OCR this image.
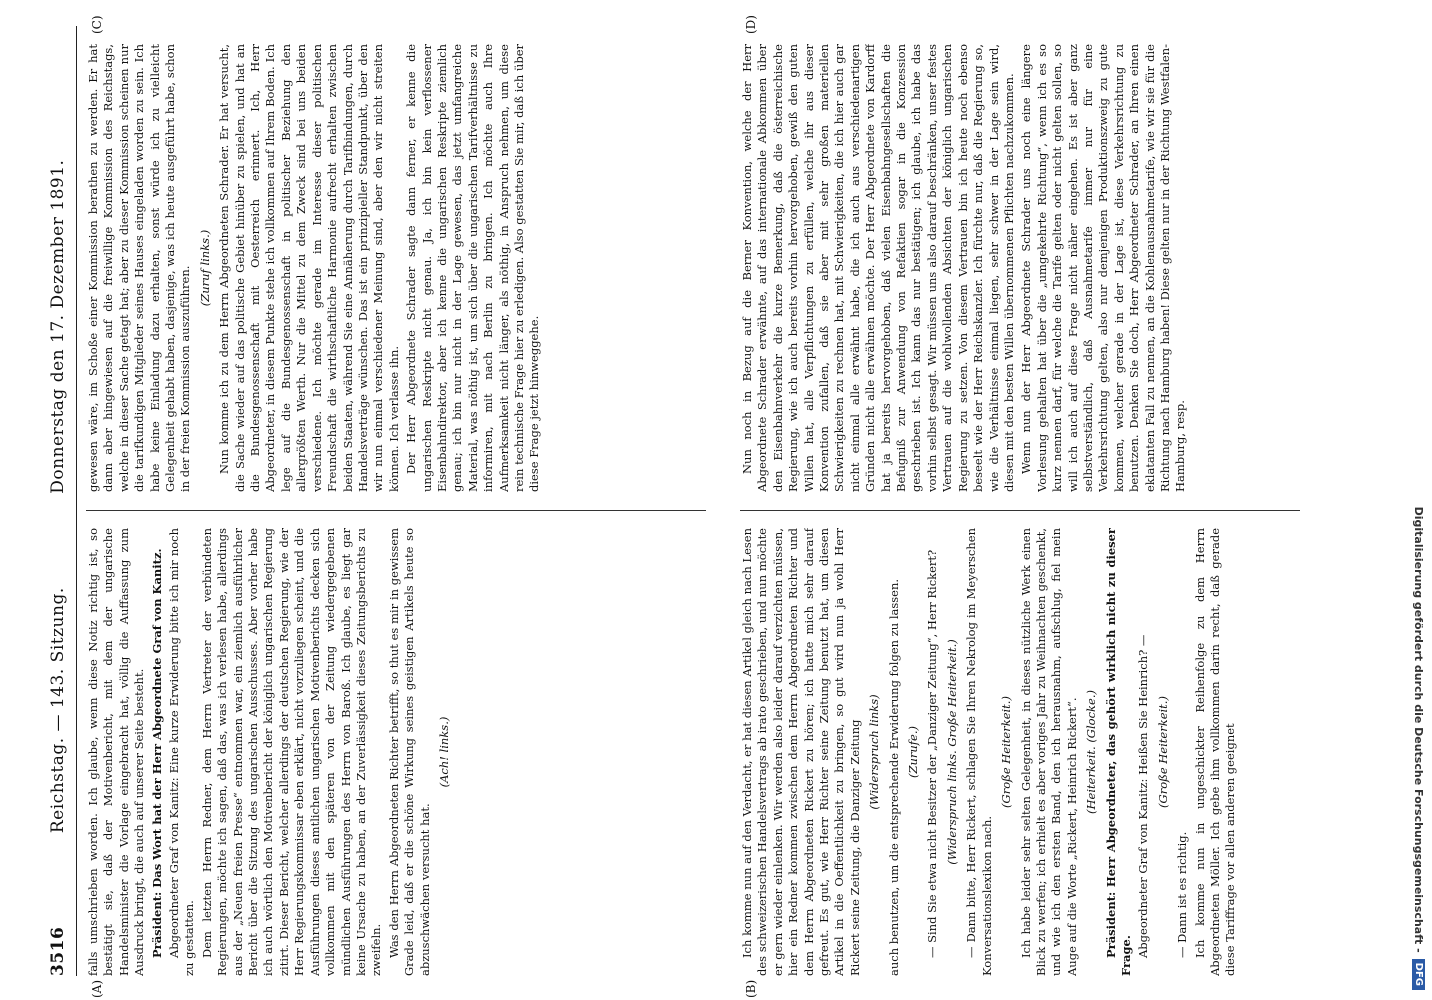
3516
Reichstag. — 143. Sitzung.
Donnerstag den 17. Dezember 1891.
(A)	(B)
(C)	(D)

falls umschrieben worden. Ich glaube, wenn diese Notiz richtig ist, so bestätigt sie, daß der Motivenbericht, mit dem der ungarische Handelsminister die Vorlage eingebracht hat, völlig die Auffassung zum Ausdruck bringt, die auch auf unserer Seite besteht. Präsident: Das Wort hat der Herr Abgeordnete Graf von Kanitz. Abgeordneter Graf von Kanitz: Eine kurze Erwiderung bitte ich mir noch zu gestatten. Dem letzten Herrn Redner, dem Herrn Vertreter der verbündeten Regierungen, möchte ich sagen, daß das, was ich verlesen habe, allerdings aus der „Neuen freien Presse“ entnommen war, ein ziemlich ausführlicher Bericht über die Sitzung des ungarischen Ausschusses. Aber vorher habe ich auch wörtlich den Motivenbericht der königlich ungarischen Regierung zitirt. Dieser Bericht, welcher allerdings der deutschen Regierung, wie der Herr Regierungskommissar eben erklärt, nicht vorzuliegen scheint, und die Ausführungen dieses amtlichen ungarischen Motivenberichts decken sich vollkommen mit den späteren von der Zeitung wiedergegebenen mündlichen Ausführungen des Herrn von Baroß. Ich glaube, es liegt gar keine Ursache zu haben, an der Zuverlässigkeit dieses Zeitungsberichts zu zweifeln. Was den Herrn Abgeordneten Richter betrifft, so thut es mir in gewissem Grade leid, daß er die schöne Wirkung seines geistigen Artikels heute so abzuschwächen versucht hat.

(Ach! links.)

gewesen wäre, im Schoße einer Kommission berathen zu werden. Er hat dann aber hingewiesen auf die freiwillige Kommission des Reichstags, welche in dieser Sache getagt hat; aber zu dieser Kommission scheinen nur die tarifkundigen Mitglieder seines Hauses eingeladen worden zu sein. Ich habe keine Einladung dazu erhalten, sonst würde ich zu vielleicht Gelegenheit gehabt haben, dasjenige, was ich heute ausgeführt habe, schon in der freien Kommission auszuführen. (Zuruf links.) Nun komme ich zu dem Herrn Abgeordneten Schrader. Er hat versucht, die Sache wieder auf das politische Gebiet hinüber zu spielen, und hat an die Bundesgenossenschaft mit Oesterreich erinnert. Ich, Herr Abgeordneter, in diesem Punkte stehe ich vollkommen auf Ihrem Boden. Ich lege auf die Bundesgenossenschaft in politischer Beziehung den allergrößten Werth. Nur die Mittel zu dem Zweck sind bei uns beiden verschiedene. Ich möchte gerade im Interesse dieser politischen Freundschaft die wirthschaftliche Harmonie aufrecht erhalten zwischen beiden Staaten, während Sie eine Annäherung durch Tarifbindungen, durch Handelsverträge wünschen. Das ist ein prinzipieller Standpunkt, über den wir nun einmal verschiedener Meinung sind, aber den wir nicht streiten können. Ich verlasse ihn. Der Herr Abgeordnete Schrader sagte dann ferner, er kenne die ungarischen Reskripte nicht genau. Ja, ich bin kein verflossener Eisenbahndirektor, aber ich kenne die ungarischen Reskripte ziemlich genau; ich bin nur nicht in der Lage gewesen, das jetzt umfangreiche Material, was nöthig ist, um sich über die ungarischen Tarifverhältnisse zu informiren, mit nach Berlin zu bringen. Ich möchte auch Ihre Aufmerksamkeit nicht länger, als nöthig, in Anspruch nehmen, um diese rein technische Frage hier zu erledigen. Also gestatten Sie mir, daß ich über diese Frage jetzt hinweggehe.

Ich komme nun auf den Verdacht, er hat diesen Artikel gleich nach Lesen des schweizerischen Handelsvertrags ab irato geschrieben, und nun möchte er gern wieder einlenken. Wir werden also leider darauf verzichten müssen, hier ein Redner kommen zwischen dem Herrn Abgeordneten Richter und dem Herrn Abgeordneten Rickert zu hören; ich hatte mich sehr darauf gefreut. Es gut, wie Herr Richter seine Zeitung benutzt hat, um diesen Artikel in die Oeffentlichkeit zu bringen, so gut wird nun ja wohl Herr Rickert seine Zeitung, die Danziger Zeitung (Widerspruch links) auch benutzen, um die entsprechende Erwiderung folgen zu lassen. (Zurufe.) — Sind Sie etwa nicht Besitzer der „Danziger Zeitung“, Herr Rickert? (Widerspruch links. Große Heiterkeit.) — Dann bitte, Herr Rickert, schlagen Sie Ihren Nekrolog im Meyerschen Konversationslexikon nach.

(Große Heiterkeit.) Ich habe leider sehr selten Gelegenheit, in dieses nützliche Werk einen Blick zu werfen; ich erhielt es aber voriges Jahr zu Weihnachten geschenkt, und wie ich den ersten Band, den ich herausnahm, aufschlug, fiel mein Auge auf die Worte „Rickert, Heinrich Rickert“. (Heiterkeit. (Glocke.) Präsident: Herr Abgeordneter, das gehört wirklich nicht zu dieser Frage. Abgeordneter Graf von Kanitz: Heißen Sie Heinrich? — (Große Heiterkeit.)

— Dann ist es richtig. Ich komme nun in ungeschickter Reihenfolge zu dem Herrn Abgeordneten Möller. Ich gebe ihm vollkommen darin recht, daß gerade diese Tariffrage vor allen anderen geeignet

Nun noch in Bezug auf die Berner Konvention, welche der Herr Abgeordnete Schrader erwähnte, auf das internationale Abkommen über den Eisenbahnverkehr die kurze Bemerkung, daß die österreichische Regierung, wie ich auch bereits vorhin hervorgehoben, gewiß den guten Willen hat, alle Verpflichtungen zu erfüllen, welche ihr aus dieser Konvention zufallen, daß sie aber mit sehr großen materiellen Schwierigkeiten zu rechnen hat, mit Schwierigkeiten, die ich hier auch gar nicht einmal alle erwähnt habe, die ich auch aus verschiedenartigen Gründen nicht alle erwähnen möchte. Der Herr Abgeordnete von Kardorff hat ja bereits hervorgehoben, daß vielen Eisenbahngesellschaften die Befugniß zur Anwendung von Refaktien sogar in die Konzession geschrieben ist. Ich kann das nur bestätigen; ich glaube, ich habe das vorhin selbst gesagt. Wir müssen uns also darauf beschränken, unser festes Vertrauen auf die wohlwollenden Absichten der königlich ungarischen Regierung zu setzen. Von diesem Vertrauen bin ich heute noch ebenso beseelt wie der Herr Reichskanzler. Ich fürchte nur, daß die Regierung so, wie die Verhältnisse einmal liegen, sehr schwer in der Lage sein wird, diesen mit den besten Willen übernommenen Pflichten nachzukommen. Wenn nun der Herr Abgeordnete Schrader uns noch eine längere Vorlesung gehalten hat über die „umgekehrte Richtung“, wenn ich es so kurz nennen darf, für welche die Tarife gelten oder nicht gelten sollen, so will ich auch auf diese Frage nicht näher eingehen. Es ist aber ganz selbstverständlich, daß Ausnahmetarife immer nur für eine Verkehrsrichtung gelten, also nur demjenigen Produktionszweig zu gute kommen, welcher gerade in der Lage ist, diese Verkehrsrichtung zu benutzen. Denken Sie doch, Herr Abgeordneter Schrader, an Ihren einen eklatanten Fall zu nennen, an die Kohlenausnahmetarife, wie wir sie für die Richtung nach Hamburg haben! Diese gelten nur in der Richtung Westfalen-Hamburg, resp.

Digitalisierung gefördert durch die Deutsche Forschungsgemeinschaft -
DFG
